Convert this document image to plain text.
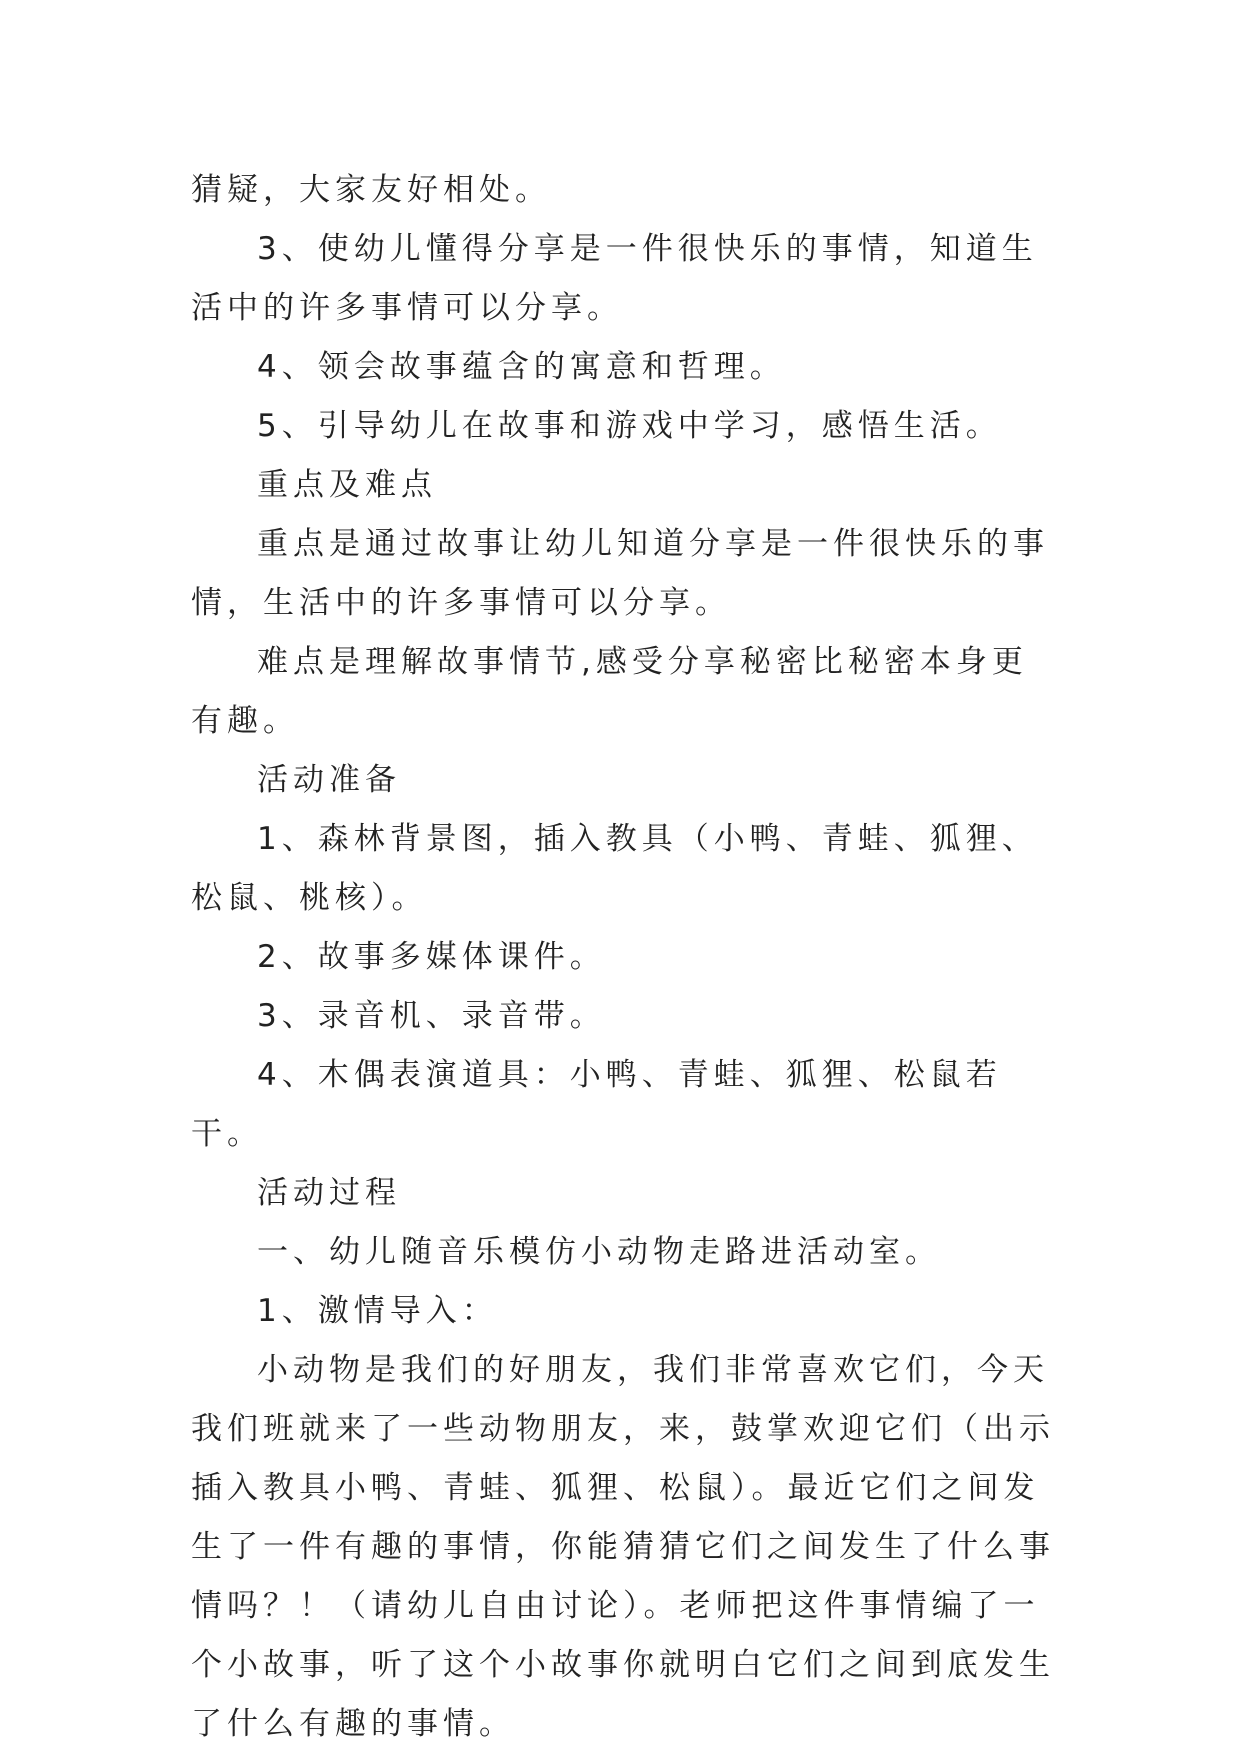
猜疑，大家友好相处。

3、使幼儿懂得分享是一件很快乐的事情，知道生活中的许多事情可以分享。

4、领会故事蕴含的寓意和哲理。

5、引导幼儿在故事和游戏中学习，感悟生活。

重点及难点

重点是通过故事让幼儿知道分享是一件很快乐的事情，生活中的许多事情可以分享。

难点是理解故事情节,感受分享秘密比秘密本身更有趣。

活动准备

1、森林背景图，插入教具（小鸭、青蛙、狐狸、松鼠、桃核）。

2、故事多媒体课件。

3、录音机、录音带。

4、木偶表演道具：小鸭、青蛙、狐狸、松鼠若干。

活动过程

一、幼儿随音乐模仿小动物走路进活动室。

1、激情导入：

小动物是我们的好朋友，我们非常喜欢它们，今天我们班就来了一些动物朋友，来，鼓掌欢迎它们（出示插入教具小鸭、青蛙、狐狸、松鼠）。最近它们之间发生了一件有趣的事情，你能猜猜它们之间发生了什么事情吗？！（请幼儿自由讨论）。老师把这件事情编了一个小故事，听了这个小故事你就明白它们之间到底发生了什么有趣的事情。
